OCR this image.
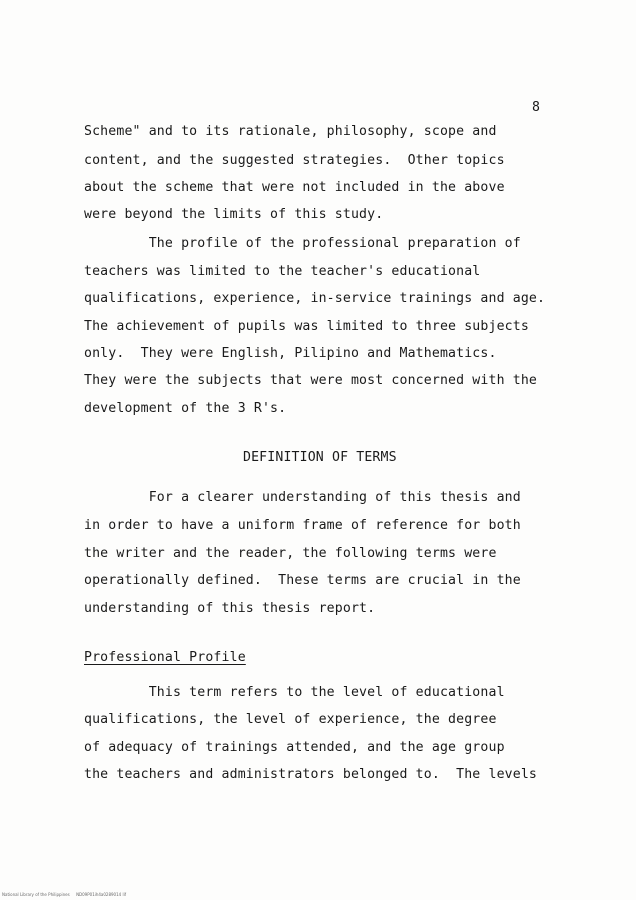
8
Scheme" and to its rationale, philosophy, scope and
content, and the suggested strategies.  Other topics
about the scheme that were not included in the above
were beyond the limits of this study.
The profile of the professional preparation of
teachers was limited to the teacher's educational
qualifications, experience, in-service trainings and age.
The achievement of pupils was limited to three subjects
only.  They were English, Pilipino and Mathematics.
They were the subjects that were most concerned with the
development of the 3 R's.
DEFINITION OF TERMS
For a clearer understanding of this thesis and
in order to have a uniform frame of reference for both
the writer and the reader, the following terms were
operationally defined.  These terms are crucial in the
understanding of this thesis report.
Professional Profile
This term refers to the level of educational
qualifications, the level of experience, the degree
of adequacy of trainings attended, and the age group
the teachers and administrators belonged to.  The levels
National Library of the Philippines     ND09P01ih4a0289014 lif
